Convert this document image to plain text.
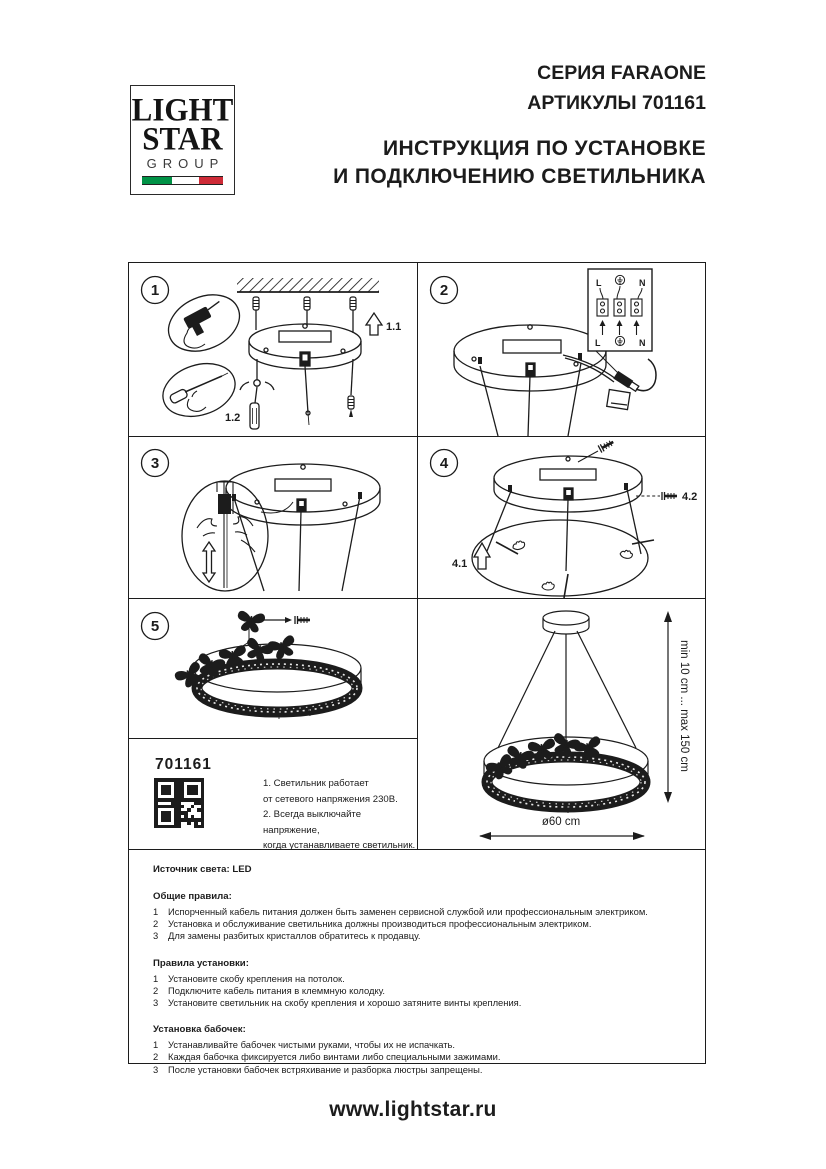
LIGHT
STAR
GROUP
СЕРИЯ FARAONE
АРТИКУЛЫ 701161
ИНСТРУКЦИЯ ПО УСТАНОВКЕ
И ПОДКЛЮЧЕНИЮ СВЕТИЛЬНИКА
1
1.1
1.2
2	L	N
L	N
3	4
4.1
4.2
5
701161
1. Светильник работает
от сетевого напряжения 230В.
2. Всегда выключайте напряжение,
когда устанавливаете светильник.
min 10 cm ... max 150 cm
ø60 cm
Источник света: LED
Общие правила:
1	Испорченный кабель питания должен быть заменен сервисной службой или профессиональным электриком.
2	Установка и обслуживание светильника должны производиться профессиональным электриком.
3	Для замены разбитых кристаллов обратитесь к продавцу.
Правила установки:
1	Установите скобу крепления на потолок.
2	Подключите кабель питания в клеммную колодку.
3	Установите светильник на скобу крепления и хорошо затяните винты крепления.
Установка бабочек:
1	Устанавливайте бабочек чистыми руками, чтобы их не испачкать.
2	Каждая бабочка фиксируется либо винтами либо специальными зажимами.
3	После установки бабочек встряхивание и разборка люстры запрещены.
www.lightstar.ru
